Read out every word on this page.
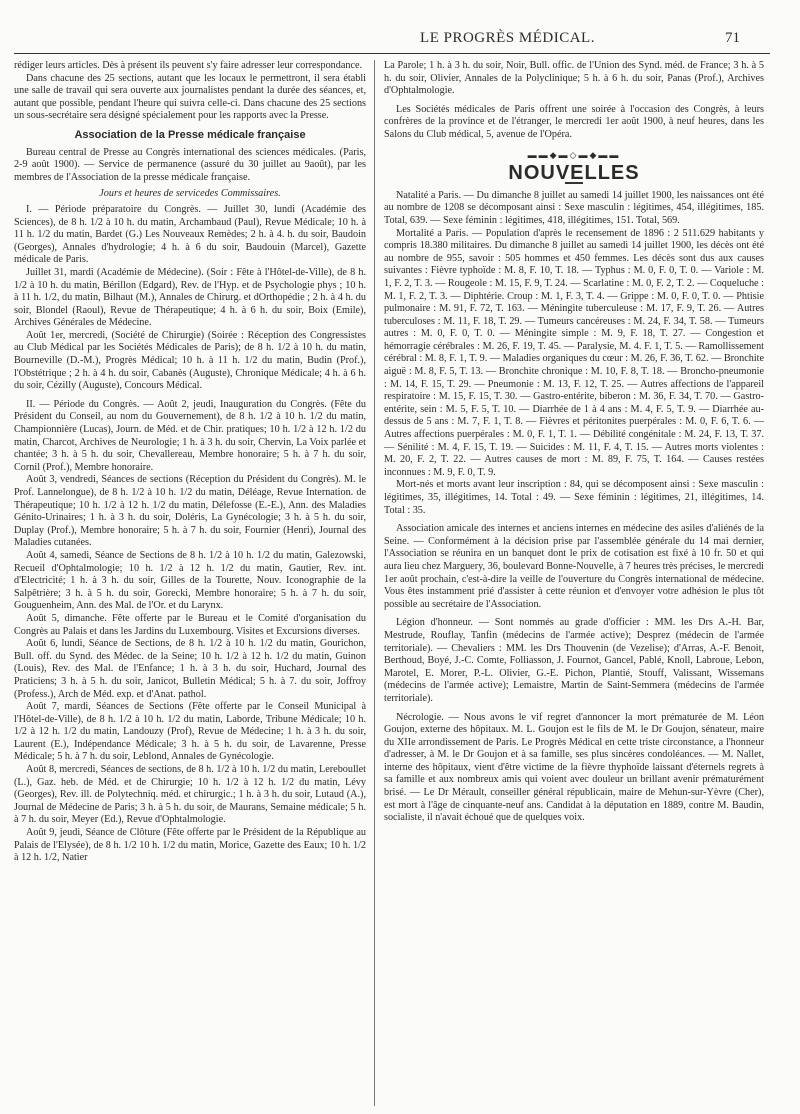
LE PROGRÈS MÉDICAL.	71

rédiger leurs articles. Dès à présent ils peuvent s'y faire adresser leur correspondance.

Dans chacune des 25 sections, autant que les locaux le permettront, il sera établi une salle de travail qui sera ouverte aux journalistes pendant la durée des séances, et, autant que possible, pendant l'heure qui suivra celle-ci. Dans chacune des 25 sections un sous-secrétaire sera désigné spécialement pour les rapports avec la Presse.

Association de la Presse médicale française

Bureau central de Presse au Congrès international des sciences médicales. (Paris, 2-9 août 1900). — Service de permanence (assuré du 30 juillet au 9août), par les membres de l'Association de la presse médicale française.

Jours et heures de servicedes Commissaires.

I. — Période préparatoire du Congrès. — Juillet 30, lundi (Académie des Sciences), de 8 h. 1/2 à 10 h. du matin, Archambaud (Paul), Revue Médicale; 10 h. à 11 h. 1/2 du matin, Bardet (G.) Les Nouveaux Remèdes; 2 h. à 4. h. du soir, Baudoin (Georges), Annales d'hydrologie; 4 h. à 6 du soir, Baudouin (Marcel), Gazette médicale de Paris.

Juillet 31, mardi (Académie de Médecine). (Soir : Fête à l'Hôtel-de-Ville), de 8 h. 1/2 à 10 h. du matin, Bérillon (Edgard), Rev. de l'Hyp. et de Psychologie phys ; 10 h. à 11 h. 1/2, du matin, Bilhaut (M.), Annales de Chirurg. et dOrthopédie ; 2 h. à 4 h. du soir, Blondel (Raoul), Revue de Thérapeutique; 4 h. à 6 h. du soir, Boix (Emile), Archives Générales de Médecine.

Août 1er, mercredi, (Société de Chirurgie) (Soirée : Réception des Congressistes au Club Médical par les Sociétés Médicales de Paris); de 8 h. 1/2 à 10 h. du matin, Bourneville (D.-M.), Progrès Médical; 10 h. à 11 h. 1/2 du matin, Budin (Prof.), l'Obstétrique ; 2 h. à 4 h. du soir, Cabanès (Auguste), Chronique Médicale; 4 h. à 6 h. du soir, Cézilly (Auguste), Concours Médical.

II. — Période du Congrès. — Août 2, jeudi, Inauguration du Congrès. (Fête du Président du Conseil, au nom du Gouvernement), de 8 h. 1/2 à 10 h. 1/2 du matin, Championnière (Lucas), Journ. de Méd. et de Chir. pratiques; 10 h. 1/2 à 12 h. 1/2 du matin, Charcot, Archives de Neurologie; 1 h. à 3 h. du soir, Chervin, La Voix parlée et chantée; 3 h. à 5 h. du soir, Chevallereau, Membre honoraire; 5 h. à 7 h. du soir, Cornil (Prof.), Membre honoraire.

Août 3, vendredi, Séances de sections (Réception du Président du Congrès). M. le Prof. Lannelongue), de 8 h. 1/2 à 10 h. 1/2 du matin, Déléage, Revue Internation. de Thérapeutique; 10 h. 1/2 à 12 h. 1/2 du matin, Délefosse (E.-E.), Ann. des Maladies Génito-Urinaires; 1 h. à 3 h. du soir, Doléris, La Gynécologie; 3 h. à 5 h. du soir, Duplay (Prof.), Membre honoraire; 5 h. à 7 h. du soir, Fournier (Henri), Journal des Maladies cutanées.

Août 4, samedi, Séance de Sections de 8 h. 1/2 à 10 h. 1/2 du matin, Galezowski, Recueil d'Ophtalmologie; 10 h. 1/2 à 12 h. 1/2 du matin, Gautier, Rev. int. d'Electricité; 1 h. à 3 h. du soir, Gilles de la Tourette, Nouv. Iconographie de la Salpêtrière; 3 h. à 5 h. du soir, Gorecki, Membre honoraire; 5 h. à 7 h. du soir, Gouguenheim, Ann. des Mal. de l'Or. et du Larynx.

Août 5, dimanche. Fête offerte par le Bureau et le Comité d'organisation du Congrès au Palais et dans les Jardins du Luxembourg. Visites et Excursions diverses.

Août 6, lundi, Séance de Sections, de 8 h. 1/2 à 10 h. 1/2 du matin, Gourichon, Bull. off. du Synd. des Médec. de la Seine; 10 h. 1/2 à 12 h. 1/2 du matin, Guinon (Louis), Rev. des Mal. de l'Enfance; 1 h. à 3 h. du soir, Huchard, Journal des Praticiens; 3 h. à 5 h. du soir, Janicot, Bulletin Médical; 5 h. à 7. du soir, Joffroy (Profess.), Arch de Méd. exp. et d'Anat. pathol.

Août 7, mardi, Séances de Sections (Fête offerte par le Conseil Municipal à l'Hôtel-de-Ville), de 8 h. 1/2 à 10 h. 1/2 du matin, Laborde, Tribune Médicale; 10 h. 1/2 à 12 h. 1/2 du matin, Landouzy (Prof), Revue de Médecine; 1 h. à 3 h. du soir, Laurent (E.), Indépendance Médicale; 3 h. à 5 h. du soir, de Lavarenne, Presse Médicale; 5 h. à 7 h. du soir, Leblond, Annales de Gynécologie.

Août 8, mercredi, Séances de sections, de 8 h. 1/2 à 10 h. 1/2 du matin, Lereboullet (L.), Gaz. heb. de Méd. et de Chirurgie; 10 h. 1/2 à 12 h. 1/2 du matin, Lévy (Georges), Rev. ill. de Polytechniq. méd. et chirurgic.; 1 h. à 3 h. du soir, Lutaud (A.), Journal de Médecine de Paris; 3 h. à 5 h. du soir, de Maurans, Semaine médicale; 5 h. à 7 h. du soir, Meyer (Ed.), Revue d'Ophtalmologie.

Août 9, jeudi, Séance de Clôture (Fête offerte par le Président de la République au Palais de l'Elysée), de 8 h. 1/2 10 h. 1/2 du matin, Morice, Gazette des Eaux; 10 h. 1/2 à 12 h. 1/2, Natier

La Parole; 1 h. à 3 h. du soir, Noir, Bull. offic. de l'Union des Synd. méd. de France; 3 h. à 5 h. du soir, Olivier, Annales de la Polyclinique; 5 h. à 6 h. du soir, Panas (Prof.), Archives d'Ophtalmologie.

Les Sociétés médicales de Paris offrent une soirée à l'occasion des Congrès, à leurs confrères de la province et de l'étranger, le mercredi 1er août 1900, à neuf heures, dans les Salons du Club médical, 5, avenue de l'Opéra.

▬▬◆▬◇▬◆▬▬
NOUVELLES

Natalité a Paris. — Du dimanche 8 juillet au samedi 14 juillet 1900, les naissances ont été au nombre de 1208 se décomposant ainsi : Sexe masculin : légitimes, 454, illégitimes, 185. Total, 639. — Sexe féminin : légitimes, 418, illégitimes, 151. Total, 569.

Mortalité a Paris. — Population d'après le recensement de 1896 : 2 511.629 habitants y compris 18.380 militaires. Du dimanche 8 juillet au samedi 14 juillet 1900, les décès ont été au nombre de 955, savoir : 505 hommes et 450 femmes. Les décès sont dus aux causes suivantes : Fièvre typhoïde : M. 8, F. 10, T. 18. — Typhus : M. 0, F. 0, T. 0. — Variole : M. 1, F. 2, T. 3. — Rougeole : M. 15, F. 9, T. 24. — Scarlatine : M. 0, F. 2, T. 2. — Coqueluche : M. 1, F. 2, T. 3. — Diphtérie. Croup : M. 1, F. 3, T. 4. — Grippe : M. 0, F. 0, T. 0. — Phtisie pulmonaire : M. 91, F. 72, T. 163. — Méningite tuberculeuse : M. 17, F. 9, T. 26. — Autres tuberculoses : M. 11, F. 18, T. 29. — Tumeurs cancéreuses : M. 24, F. 34, T. 58. — Tumeurs autres : M. 0, F. 0, T. 0. — Méningite simple : M. 9, F. 18, T. 27. — Congestion et hémorragie cérébrales : M. 26, F. 19, T. 45. — Paralysie, M. 4. F. 1, T. 5. — Ramollissement cérébral : M. 8, F. 1, T. 9. — Maladies organiques du cœur : M. 26, F. 36, T. 62. — Bronchite aiguë : M. 8, F. 5, T. 13. — Bronchite chronique : M. 10, F. 8, T. 18. — Broncho-pneumonie : M. 14, F. 15, T. 29. — Pneumonie : M. 13, F. 12, T. 25. — Autres affections de l'appareil respiratoire : M. 15, F. 15, T. 30. — Gastro-entérite, biberon : M. 36, F. 34, T. 70. — Gastro-entérite, sein : M. 5, F. 5, T. 10. — Diarrhée de 1 à 4 ans : M. 4, F. 5, T. 9. — Diarrhée au-dessus de 5 ans : M. 7, F. 1, T. 8. — Fièvres et péritonites puerpérales : M. 0, F. 6, T. 6. — Autres affections puerpérales : M. 0, F. 1, T. 1. — Débilité congénitale : M. 24, F. 13, T. 37. — Sénilité : M. 4, F. 15, T. 19. — Suicides : M. 11, F. 4, T. 15. — Autres morts violentes : M. 20, F. 2, T. 22. — Autres causes de mort : M. 89, F. 75, T. 164. — Causes restées inconnues : M. 9, F. 0, T. 9.

Mort-nés et morts avant leur inscription : 84, qui se décomposent ainsi : Sexe masculin : légitimes, 35, illégitimes, 14. Total : 49. — Sexe féminin : légitimes, 21, illégitimes, 14. Total : 35.

Association amicale des internes et anciens internes en médecine des asiles d'aliénés de la Seine. — Conformément à la décision prise par l'assemblée générale du 14 mai dernier, l'Association se réunira en un banquet dont le prix de cotisation est fixé à 10 fr. 50 et qui aura lieu chez Marguery, 36, boulevard Bonne-Nouvelle, à 7 heures très précises, le mercredi 1er août prochain, c'est-à-dire la veille de l'ouverture du Congrès international de médecine. Vous êtes instamment prié d'assister à cette réunion et d'envoyer votre adhésion le plus tôt possible au secrétaire de l'Association.

Légion d'honneur. — Sont nommés au grade d'officier : MM. les Drs A.-H. Bar, Mestrude, Rouflay, Tanfin (médecins de l'armée active); Desprez (médecin de l'armée territoriale). — Chevaliers : MM. les Drs Thouvenin (de Vezelise); d'Arras, A.-F. Benoit, Berthoud, Boyé, J.-C. Comte, Folliasson, J. Fournot, Gancel, Pablé, Knoll, Labroue, Lebon, Marotel, E. Morer, P.-L. Olivier, G.-E. Pichon, Plantié, Stouff, Valissant, Wissemans (médecins de l'armée active); Lemaistre, Martin de Saint-Semmera (médecins de l'armée territoriale).

Nécrologie. — Nous avons le vif regret d'annoncer la mort prématurée de M. Léon Goujon, externe des hôpitaux. M. L. Goujon est le fils de M. le Dr Goujon, sénateur, maire du XIIe arrondissement de Paris. Le Progrès Médical en cette triste circonstance, a l'honneur d'adresser, à M. le Dr Goujon et à sa famille, ses plus sincères condoléances. — M. Nallet, interne des hôpitaux, vient d'être victime de la fièvre thyphoïde laissant d'éternels regrets à sa famille et aux nombreux amis qui voient avec douleur un brillant avenir prématurément brisé. — Le Dr Mérault, conseiller général républicain, maire de Mehun-sur-Yèvre (Cher), est mort à l'âge de cinquante-neuf ans. Candidat à la députation en 1889, contre M. Baudin, socialiste, il n'avait échoué que de quelques voix.
